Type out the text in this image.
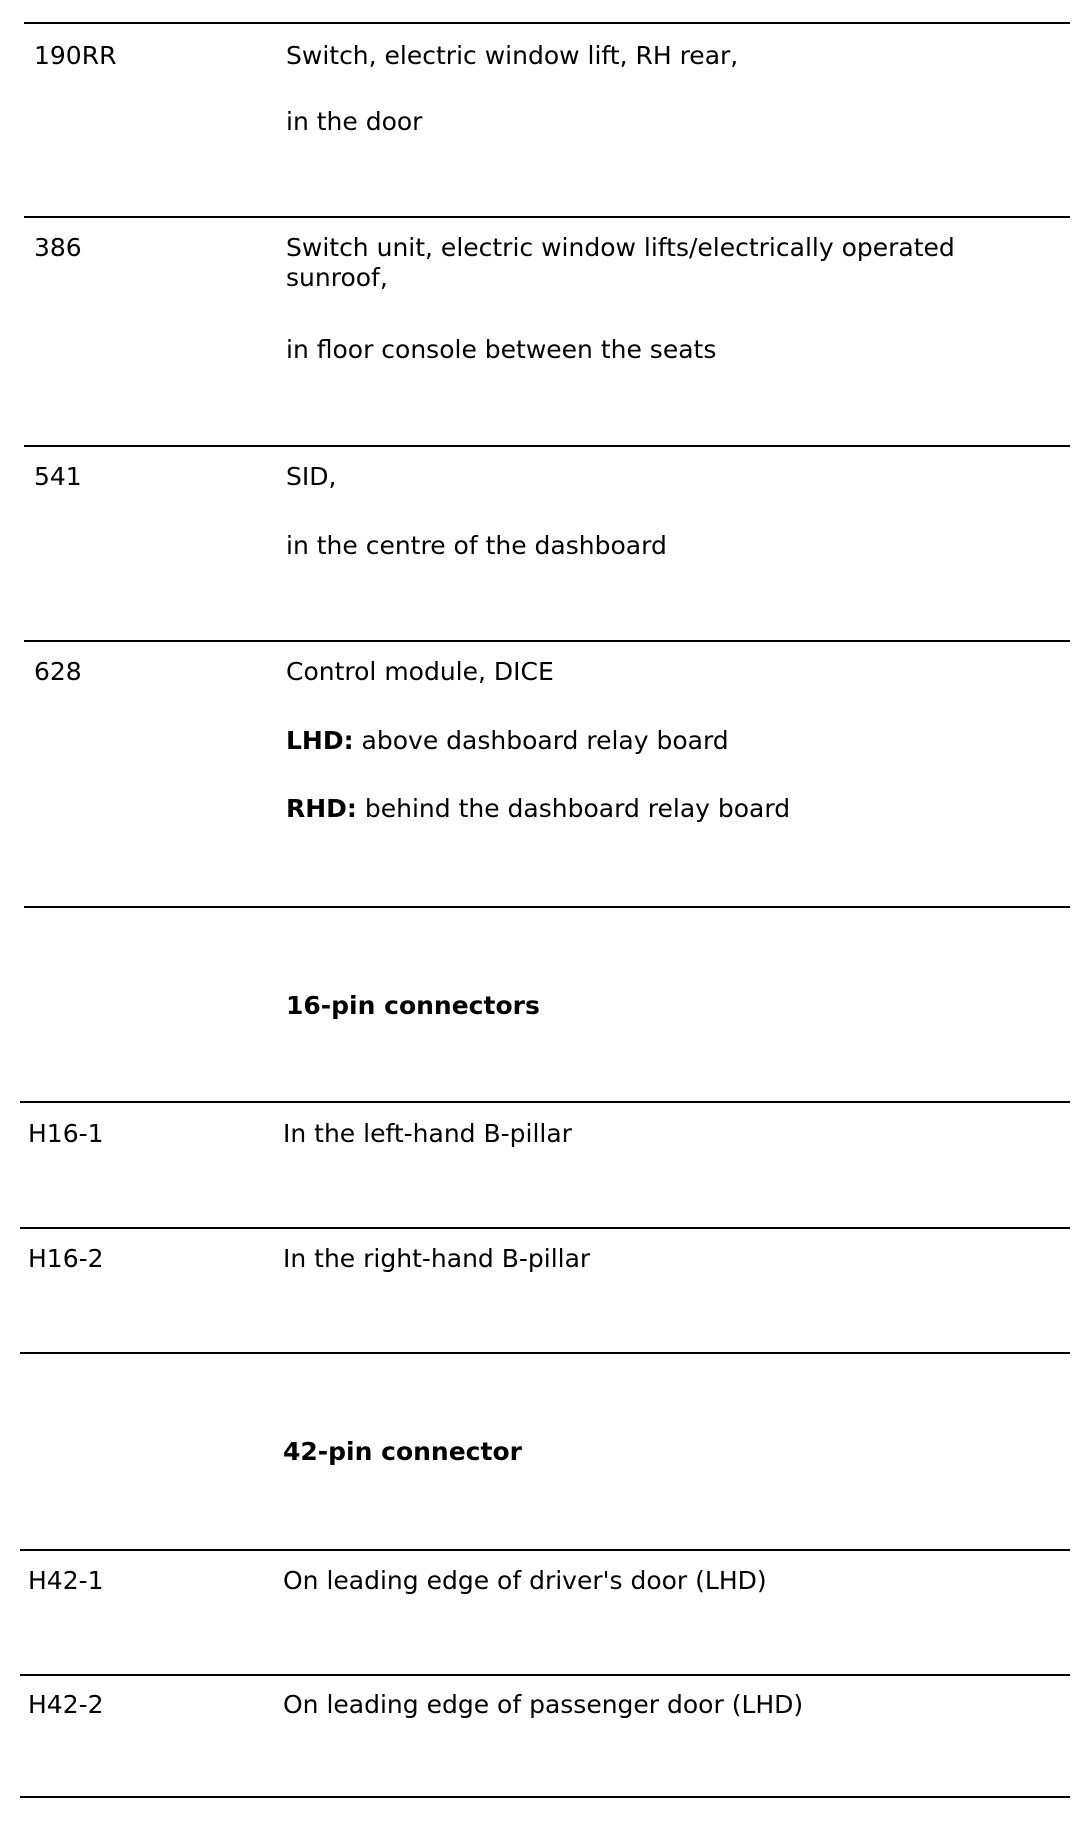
190RR	Switch, electric window lift, RH rear,
in the door
386	Switch unit, electric window lifts/electrically operated sunroof,
in floor console between the seats
541	SID,
in the centre of the dashboard
628	Control module, DICE
LHD: above dashboard relay board
RHD: behind the dashboard relay board
16-pin connectors
H16-1	In the left-hand B-pillar
H16-2	In the right-hand B-pillar
42-pin connector
H42-1	On leading edge of driver's door (LHD)
H42-2	On leading edge of passenger door (LHD)
